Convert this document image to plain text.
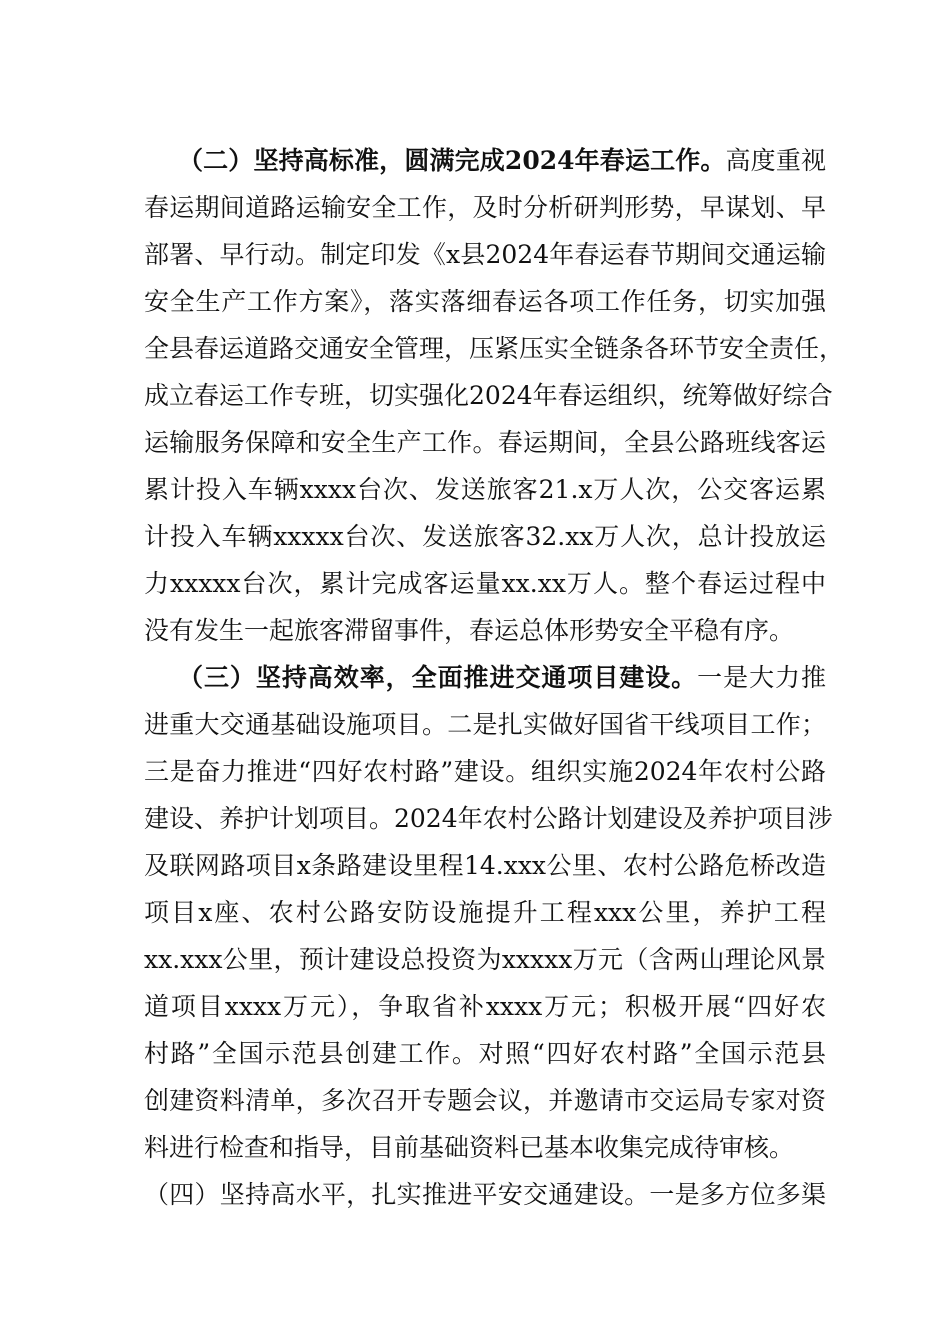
（二）坚持高标准，圆满完成2024年春运工作。高度重视
春运期间道路运输安全工作，及时分析研判形势，早谋划、早
部署、早行动。制定印发《x县2024年春运春节期间交通运输
安全生产工作方案》，落实落细春运各项工作任务，切实加强
全县春运道路交通安全管理，压紧压实全链条各环节安全责任，
成立春运工作专班，切实强化2024年春运组织，统筹做好综合
运输服务保障和安全生产工作。春运期间，全县公路班线客运
累计投入车辆xxxx台次、发送旅客21.x万人次，公交客运累
计投入车辆xxxxx台次、发送旅客32.xx万人次，总计投放运
力xxxxx台次，累计完成客运量xx.xx万人。整个春运过程中
没有发生一起旅客滞留事件，春运总体形势安全平稳有序。
（三）坚持高效率，全面推进交通项目建设。一是大力推
进重大交通基础设施项目。二是扎实做好国省干线项目工作；
三是奋力推进“四好农村路”建设。组织实施2024年农村公路
建设、养护计划项目。2024年农村公路计划建设及养护项目涉
及联网路项目x条路建设里程14.xxx公里、农村公路危桥改造
项目x座、农村公路安防设施提升工程xxx公里，养护工程
xx.xxx公里，预计建设总投资为xxxxx万元（含两山理论风景
道项目xxxx万元），争取省补xxxx万元；积极开展“四好农
村路”全国示范县创建工作。对照“四好农村路”全国示范县
创建资料清单，多次召开专题会议，并邀请市交运局专家对资
料进行检查和指导，目前基础资料已基本收集完成待审核。
（四）坚持高水平，扎实推进平安交通建设。一是多方位多渠
